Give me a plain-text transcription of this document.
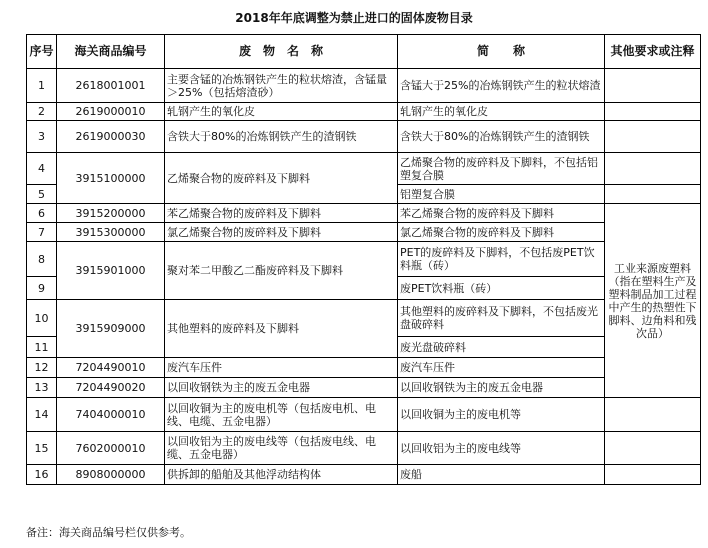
2018年年底调整为禁止进口的固体废物目录
序号	海关商品编号	废　物　名　称	简　　称	其他要求或注释	
1	2618001001	主要含锰的冶炼钢铁产生的粒状熔渣，含锰量＞25%（包括熔渣砂）	含锰大于25%的冶炼钢铁产生的粒状熔渣		
2	2619000010	轧钢产生的氧化皮	轧钢产生的氧化皮		
3	2619000030	含铁大于80%的冶炼钢铁产生的渣钢铁	含铁大于80%的冶炼钢铁产生的渣钢铁		
4	3915100000	乙烯聚合物的废碎料及下脚料	乙烯聚合物的废碎料及下脚料，不包括铝塑复合膜		
5			铝塑复合膜		
6	3915200000	苯乙烯聚合物的废碎料及下脚料	苯乙烯聚合物的废碎料及下脚料	工业来源废塑料（指在塑料生产及塑料制品加工过程中产生的热塑性下脚料、边角料和残次品）	
7	3915300000	氯乙烯聚合物的废碎料及下脚料	氯乙烯聚合物的废碎料及下脚料		
8	3915901000	聚对苯二甲酸乙二酯废碎料及下脚料	PET的废碎料及下脚料，不包括废PET饮料瓶（砖）		
9			废PET饮料瓶（砖）		
10	3915909000	其他塑料的废碎料及下脚料	其他塑料的废碎料及下脚料，不包括废光盘破碎料		
11			废光盘破碎料		
12	7204490010	废汽车压件	废汽车压件		
13	7204490020	以回收钢铁为主的废五金电器	以回收钢铁为主的废五金电器		
14	7404000010	以回收铜为主的废电机等（包括废电机、电线、电缆、五金电器）	以回收铜为主的废电机等		
15	7602000010	以回收铝为主的废电线等（包括废电线、电缆、五金电器）	以回收铝为主的废电线等		
16	8908000000	供拆卸的船舶及其他浮动结构体	废船		
备注：海关商品编号栏仅供参考。
